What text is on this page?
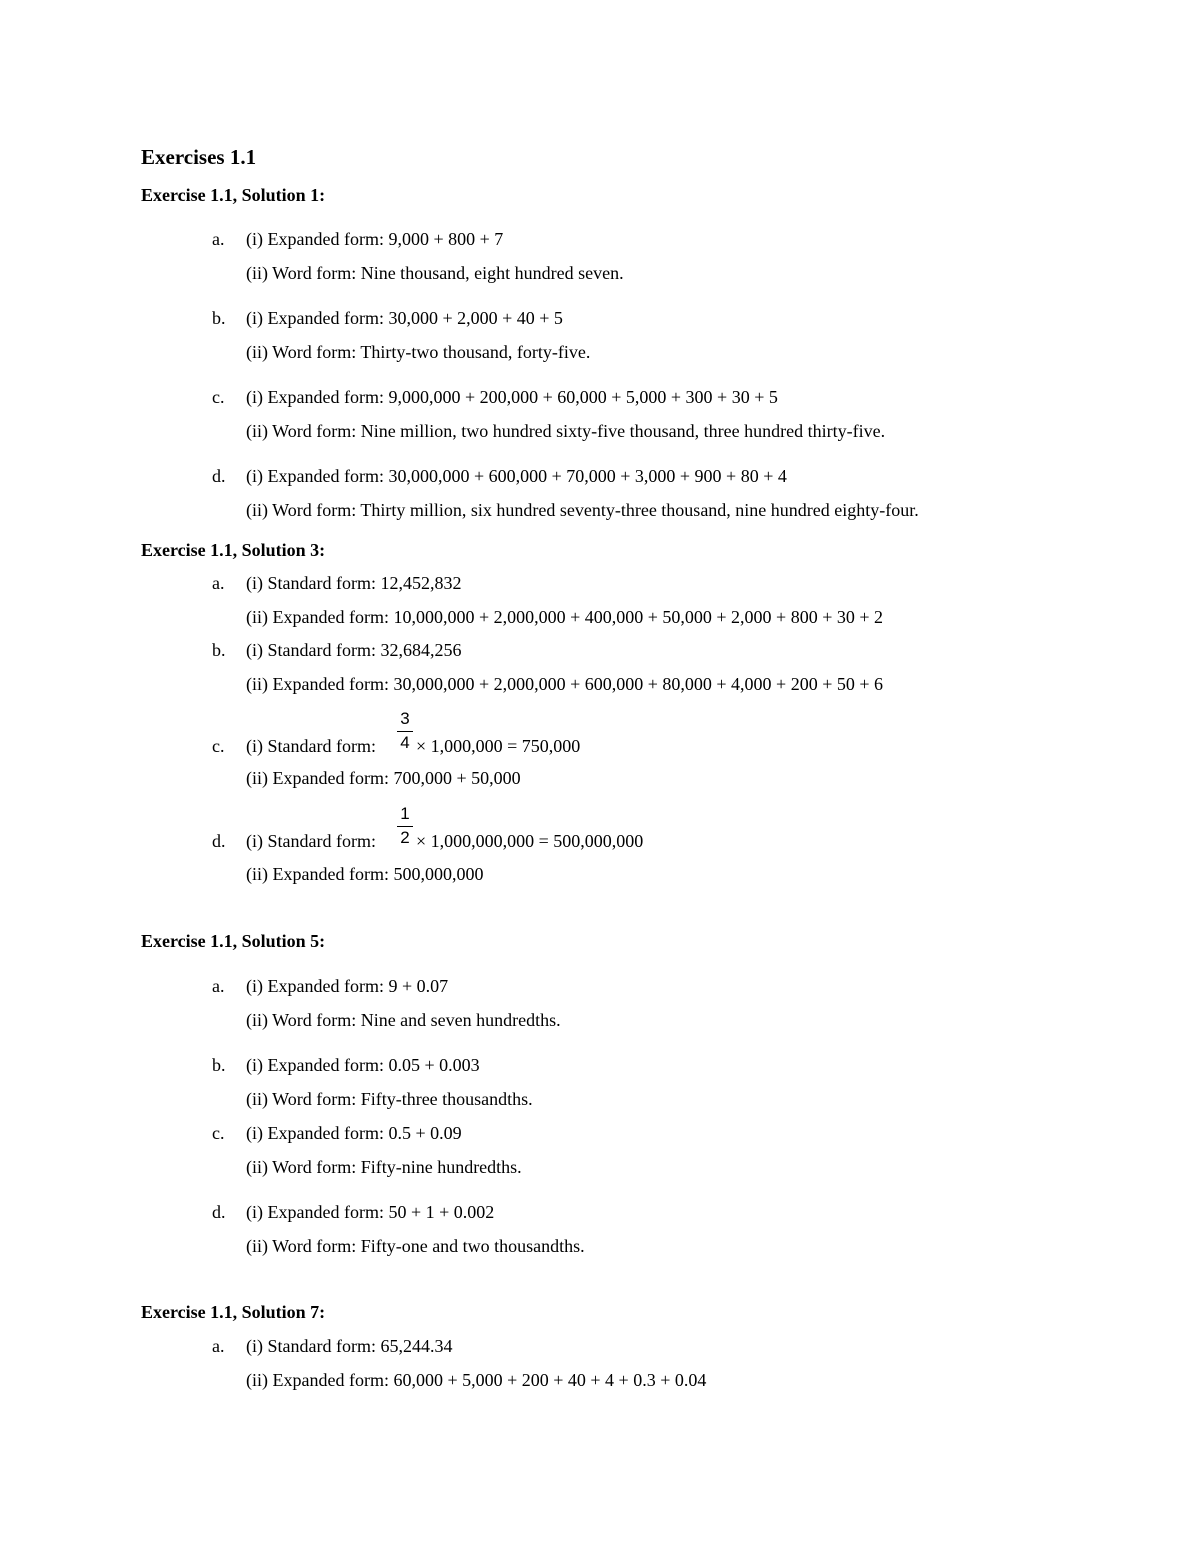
Exercises 1.1
Exercise 1.1, Solution 1:
a. (i) Expanded form: 9,000 + 800 + 7
(ii) Word form: Nine thousand, eight hundred seven.
b. (i) Expanded form: 30,000 + 2,000 + 40 + 5
(ii) Word form: Thirty-two thousand, forty-five.
c. (i) Expanded form: 9,000,000 + 200,000 + 60,000 + 5,000 + 300 + 30 + 5
(ii) Word form: Nine million, two hundred sixty-five thousand, three hundred thirty-five.
d. (i) Expanded form: 30,000,000 + 600,000 + 70,000 + 3,000 + 900 + 80 + 4
(ii) Word form: Thirty million, six hundred seventy-three thousand, nine hundred eighty-four.
Exercise 1.1, Solution 3:
a. (i) Standard form: 12,452,832
(ii) Expanded form: 10,000,000 + 2,000,000 + 400,000 + 50,000 + 2,000 + 800 + 30 + 2
b. (i) Standard form: 32,684,256
(ii) Expanded form: 30,000,000 + 2,000,000 + 600,000 + 80,000 + 4,000 + 200 + 50 + 6
c. (i) Standard form:
3
4 × 1,000,000 = 750,000
(ii) Expanded form: 700,000 + 50,000
d. (i) Standard form:
1
2 × 1,000,000,000 = 500,000,000
(ii) Expanded form: 500,000,000
Exercise 1.1, Solution 5:
a. (i) Expanded form: 9 + 0.07
(ii) Word form: Nine and seven hundredths.
b. (i) Expanded form: 0.05 + 0.003
(ii) Word form: Fifty-three thousandths.
c. (i) Expanded form: 0.5 + 0.09
(ii) Word form: Fifty-nine hundredths.
d. (i) Expanded form: 50 + 1 + 0.002
(ii) Word form: Fifty-one and two thousandths.
Exercise 1.1, Solution 7:
a. (i) Standard form: 65,244.34
(ii) Expanded form: 60,000 + 5,000 + 200 + 40 + 4 + 0.3 + 0.04
